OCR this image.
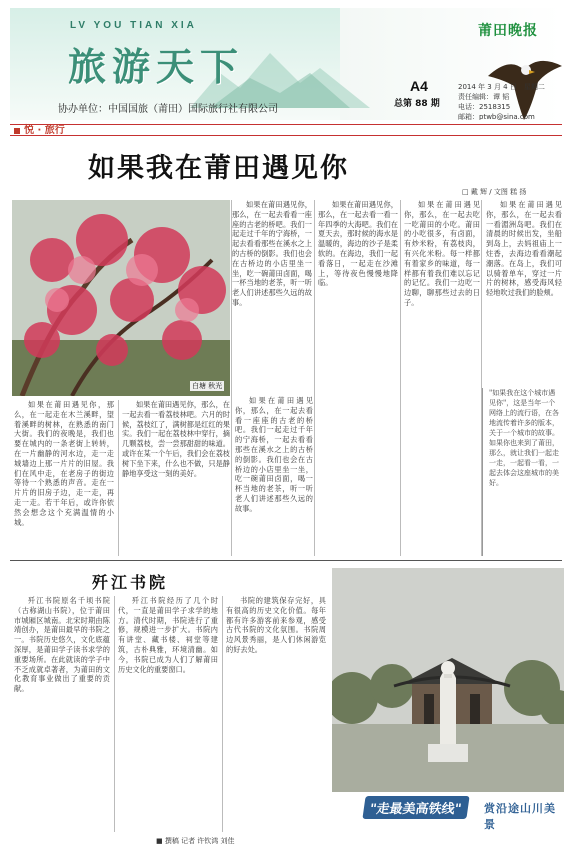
LV YOU TIAN XIA
旅游天下
协办单位：中国国旅（莆田）国际旅行社有限公司
莆田晚报
A4
总第 88 期
2014 年 3 月 4 日　星期二
责任编辑：谭 韬
电话：2518315
邮箱：ptwb@sina.com
悦 · 旅行
如果我在莆田遇见你
□ 戴 辉 / 文图 糕 扬
白塘 秋光

如果在莆田遇见你，那么，在一起去看看一座座的古老的桥吧。我们一起走过千年的宁海桥，一起去看看那些在溪水之上的古桥的倒影。我们也会在古桥边的小店里坐一坐，吃一碗莆田卤面，喝一杯当地的老茶，听一听老人们讲述那些久远的故事。

如果在莆田遇见你，那么，在一起去看一看一年四季的大海吧。我们在夏天去，那时候的海水是温暖的，海边的沙子是柔软的。在海边，我们一起看落日，一起走在沙滩上，等待夜色慢慢地降临。

如果在莆田遇见你，那么，在一起去吃一吃莆田的小吃。莆田的小吃很多，有卤面，有炒米粉，有荔枝肉，有兴化米粉。每一样都有着家乡的味道，每一样都有着我们难以忘记的记忆。我们一边吃一边聊，聊那些过去的日子。

如果在莆田遇见你，那么，在一起去看一看湄洲岛吧。我们在清晨的时候出发，坐船到岛上，去妈祖庙上一炷香，去海边看看潮起潮落。在岛上，我们可以骑着单车，穿过一片片的树林，感受海风轻轻地吹过我们的脸颊。

如果在莆田遇见你，那么，在一起走在木兰溪畔，望着溪畔的树林，在熟悉的南门大街。我们的夜晚是，我们也要在城内的一条老街上转转，在一片幽静的河水边，走一走城墙边上那一片片的旧屋。我们在风中走，在老房子的街边等待一个熟悉的声音。走在一片片的旧房子边，走一走，再走一走。若干年后，或许你依然会想念这个充满温情的小城。

如果在莆田遇见你，那么，在一起去看一看荔枝林吧。六月的时候，荔枝红了，满树都是红红的果实。我们一起在荔枝林中穿行，摘几颗荔枝，尝一尝那甜甜的味道。或许在某一个午后，我们会在荔枝树下坐下来，什么也不做，只是静静地享受这一刻的美好。

如果在莆田遇见你，那么，在一起去看看一座座的古老的桥吧。我们一起走过千年的宁海桥，一起去看看那些在溪水之上的古桥的倒影。我们也会在古桥边的小店里坐一坐，吃一碗莆田卤面，喝一杯当地的老茶，听一听老人们讲述那些久远的故事。

"如果我在这个城市遇见你"，这是当年一个网络上的流行语，在各地流传着许多的版本，关于一个城市的故事。如果你也来到了莆田，那么，就让我们一起走一走，一起看一看，一起去体会这座城市的美好。
歼江书院

歼江书院原名千顷书院（古称湖山书院），位于莆田市城厢区城南。北宋时期由陈靖创办，是莆田最早的书院之一。书院历史悠久，文化底蕴深厚，是莆田学子读书求学的重要场所。在此就读的学子中不乏成就卓著者，为莆田的文化教育事业做出了重要的贡献。

歼江书院经历了几个时代，一直是莆田学子求学的地方。清代时期，书院进行了重修，规模进一步扩大。书院内有讲堂、藏书楼、祠堂等建筑，古朴典雅，环境清幽。如今，书院已成为人们了解莆田历史文化的重要窗口。

书院的建筑保存完好，具有很高的历史文化价值。每年都有许多游客前来参观，感受古代书院的文化氛围。书院周边风景秀丽，是人们休闲游览的好去处。

"走最美高铁线"	赏沿途山川美景
■ 撰稿 记者 许钦鸿 刘佳
